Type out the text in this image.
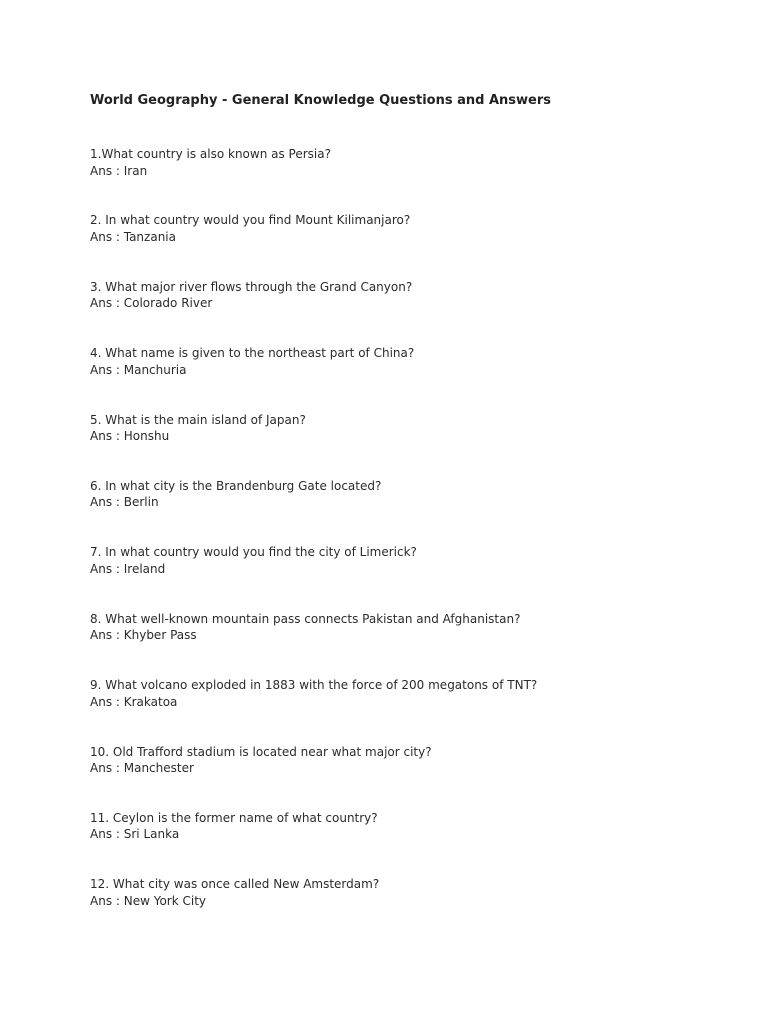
World Geography - General Knowledge Questions and Answers
1.What country is also known as Persia?
Ans : Iran
2. In what country would you find Mount Kilimanjaro?
Ans : Tanzania
3. What major river flows through the Grand Canyon?
Ans : Colorado River
4. What name is given to the northeast part of China?
Ans : Manchuria
5. What is the main island of Japan?
Ans : Honshu
6. In what city is the Brandenburg Gate located?
Ans : Berlin
7. In what country would you find the city of Limerick?
Ans : Ireland
8. What well-known mountain pass connects Pakistan and Afghanistan?
Ans : Khyber Pass
9. What volcano exploded in 1883 with the force of 200 megatons of TNT?
Ans : Krakatoa
10. Old Trafford stadium is located near what major city?
Ans : Manchester
11. Ceylon is the former name of what country?
Ans : Sri Lanka
12. What city was once called New Amsterdam?
Ans : New York City
